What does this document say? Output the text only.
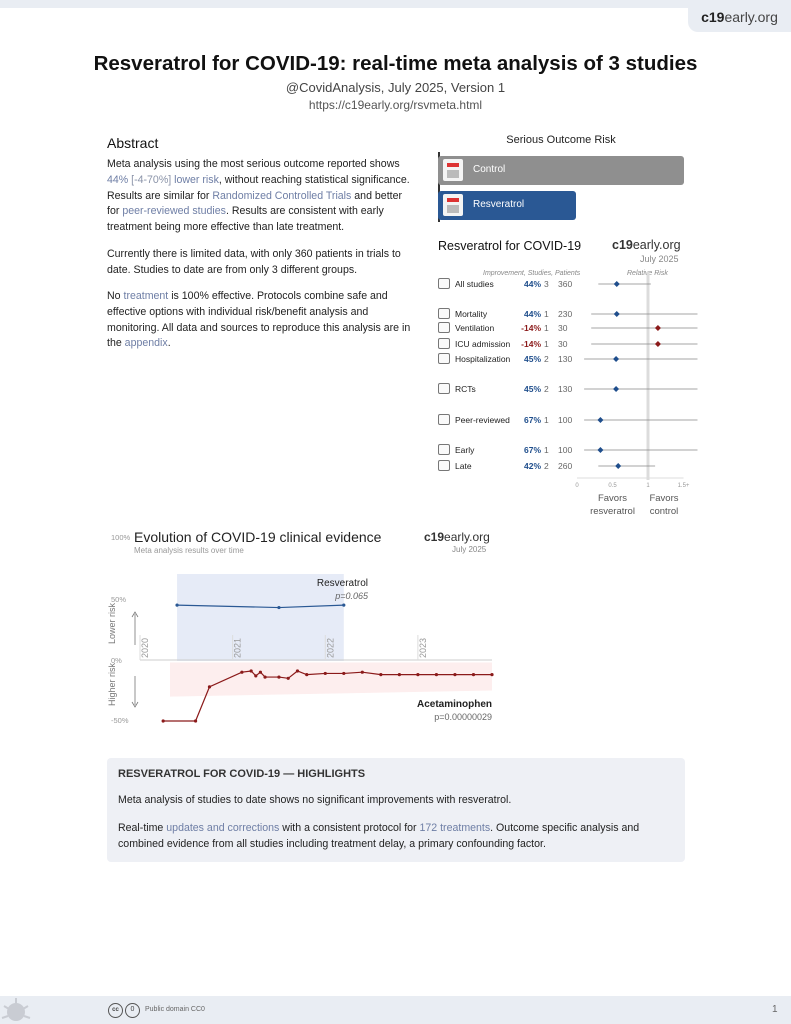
c19early.org
Resveratrol for COVID-19: real-time meta analysis of 3 studies
@CovidAnalysis, July 2025, Version 1
https://c19early.org/rsvmeta.html
Abstract
Meta analysis using the most serious outcome reported shows 44% [-4-70%] lower risk, without reaching statistical significance. Results are similar for Randomized Controlled Trials and better for peer-reviewed studies. Results are consistent with early treatment being more effective than late treatment.
Currently there is limited data, with only 360 patients in trials to date. Studies to date are from only 3 different groups.
No treatment is 100% effective. Protocols combine safe and effective options with individual risk/benefit analysis and monitoring. All data and sources to reproduce this analysis are in the appendix.
Serious Outcome Risk
Control
Resveratrol
Resveratrol for COVID-19 c19early.org
July 2025
Improvement, Studies, Patients	Relative Risk
All studies	44% 3 360
Mortality	44% 1 230
Ventilation	-14% 1 30
ICU admission	-14% 1 30
Hospitalization	45% 2 130
RCTs	45% 2 130
Peer-reviewed	67% 1 100
Early	67% 1 100
Late	42% 2 260
0	0.5	1	1.5+
Favors resveratrol
Favors control
100% Evolution of COVID-19 clinical evidence
Meta analysis results over time
c19early.org
July 2025
50%
0%
-50%
Lower risk
Higher risk
2020	2021	2022	2023
Resveratrol
p=0.065
Acetaminophen
p=0.00000029
RESVERATROL FOR COVID-19 — HIGHLIGHTS
Meta analysis of studies to date shows no significant improvements with resveratrol.
Real-time updates and corrections with a consistent protocol for 172 treatments. Outcome specific analysis and combined evidence from all studies including treatment delay, a primary confounding factor.
cc	0	Public domain CC0	1
